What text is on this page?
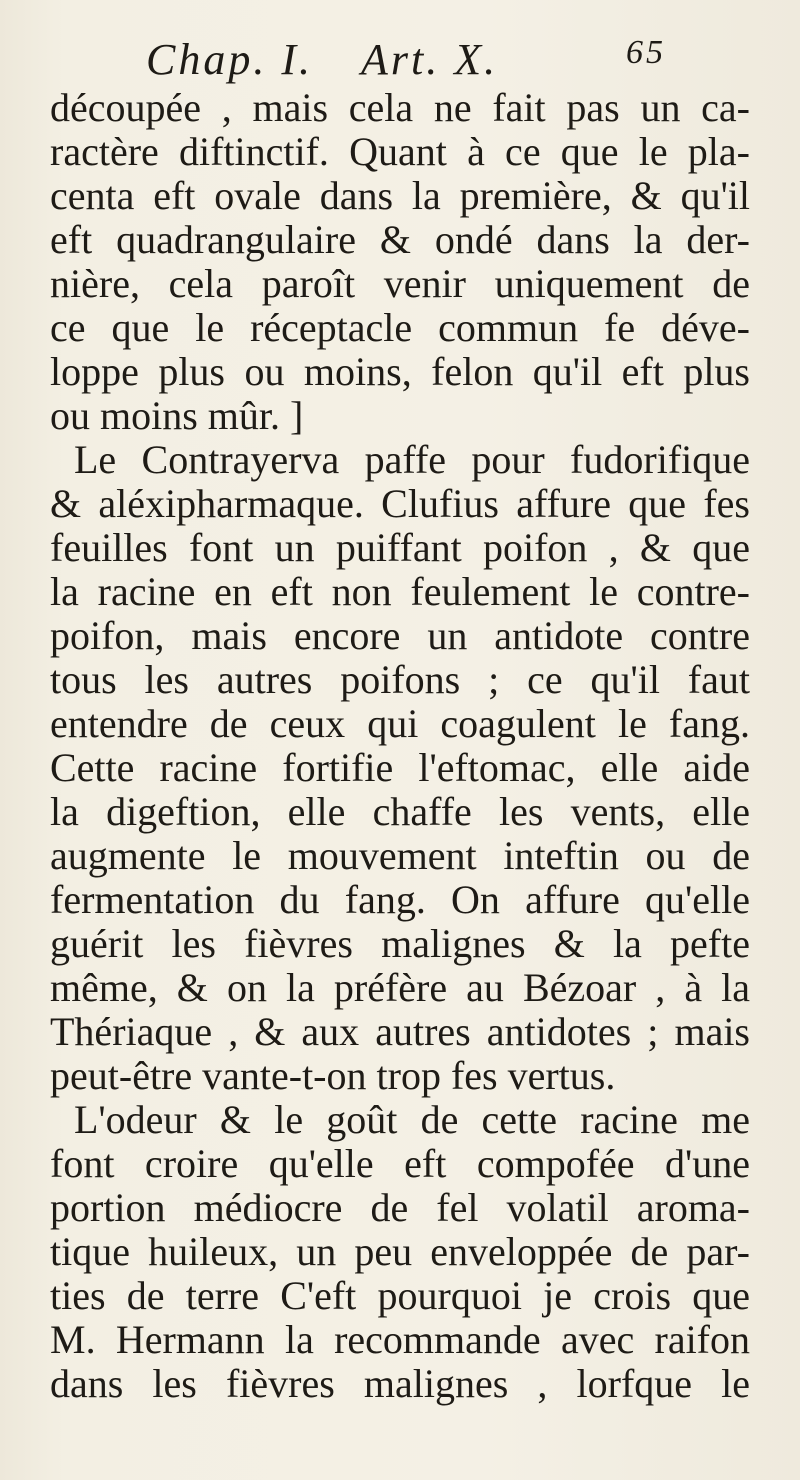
Chap. I. Art. X.	65
découpée , mais cela ne fait pas un ca-
ractère diftinctif. Quant à ce que le pla-
centa eft ovale dans la première, & qu'il
eft quadrangulaire & ondé dans la der-
nière, cela paroît venir uniquement de
ce que le réceptacle commun fe déve-
loppe plus ou moins, felon qu'il eft plus
ou moins mûr. ]
Le Contrayerva paffe pour fudorifique
& aléxipharmaque. Clufius affure que fes
feuilles font un puiffant poifon , & que
la racine en eft non feulement le contre-
poifon, mais encore un antidote contre
tous les autres poifons ; ce qu'il faut
entendre de ceux qui coagulent le fang.
Cette racine fortifie l'eftomac, elle aide
la digeftion, elle chaffe les vents, elle
augmente le mouvement inteftin ou de
fermentation du fang. On affure qu'elle
guérit les fièvres malignes & la pefte
même, & on la préfère au Bézoar , à la
Thériaque , & aux autres antidotes ; mais
peut-être vante-t-on trop fes vertus.
L'odeur & le goût de cette racine me
font croire qu'elle eft compofée d'une
portion médiocre de fel volatil aroma-
tique huileux, un peu enveloppée de par-
ties de terre C'eft pourquoi je crois que
M. Hermann la recommande avec raifon
dans les fièvres malignes , lorfque le
